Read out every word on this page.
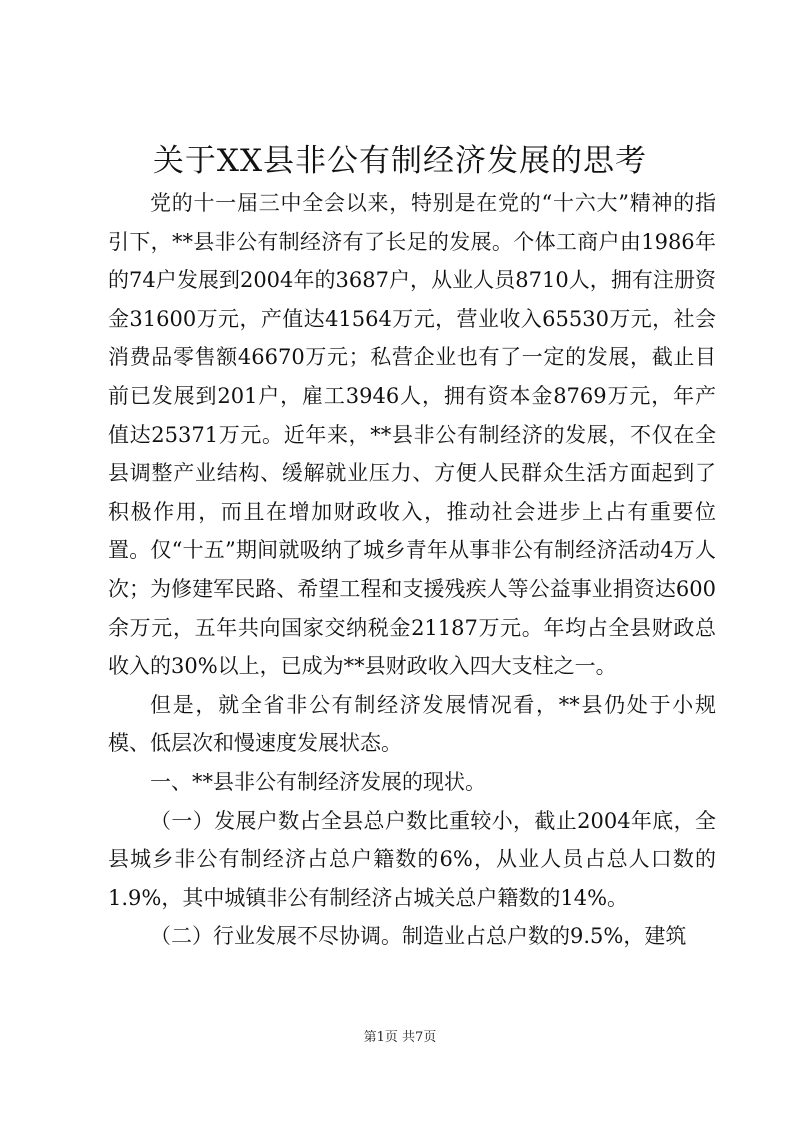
关于XX县非公有制经济发展的思考

党的十一届三中全会以来，特别是在党的“十六大”精神的指引下，**县非公有制经济有了长足的发展。个体工商户由1986年的74户发展到2004年的3687户，从业人员8710人，拥有注册资金31600万元，产值达41564万元，营业收入65530万元，社会消费品零售额46670万元；私营企业也有了一定的发展，截止目前已发展到201户，雇工3946人，拥有资本金8769万元，年产值达25371万元。近年来，**县非公有制经济的发展，不仅在全县调整产业结构、缓解就业压力、方便人民群众生活方面起到了积极作用，而且在增加财政收入，推动社会进步上占有重要位置。仅“十五”期间就吸纳了城乡青年从事非公有制经济活动4万人次；为修建军民路、希望工程和支援残疾人等公益事业捐资达600余万元，五年共向国家交纳税金21187万元。年均占全县财政总收入的30%以上，已成为**县财政收入四大支柱之一。

但是，就全省非公有制经济发展情况看，**县仍处于小规模、低层次和慢速度发展状态。

一、**县非公有制经济发展的现状。

（一）发展户数占全县总户数比重较小，截止2004年底，全县城乡非公有制经济占总户籍数的6%，从业人员占总人口数的1.9%，其中城镇非公有制经济占城关总户籍数的14%。

（二）行业发展不尽协调。制造业占总户数的9.5%，建筑

第1页 共7页
